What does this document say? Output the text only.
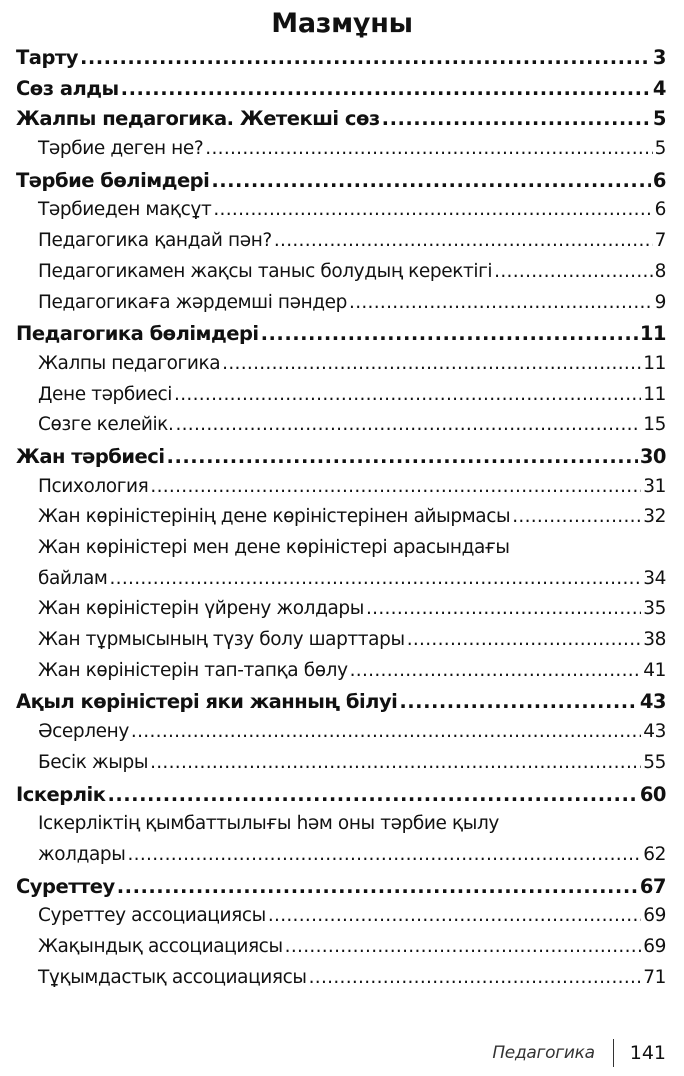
Мазмұны
Тарту .....	3
Сөз алды .....	4
Жалпы педагогика. Жетекші сөз .....	5
Тәрбие деген не? .....	5
Тәрбие бөлімдері .....	6
Тәрбиеден мақсұт .....	6
Педагогика қандай пән? .....	7
Педагогикамен жақсы таныс болудың керектігі .....	8
Педагогикаға жәрдемші пәндер .....	9
Педагогика бөлімдері .....	11
Жалпы педагогика .....	11
Дене тәрбиесі .....	11
Сөзге келейік. .....	15
Жан тәрбиесі .....	30
Психология .....	31
Жан көріністерінің дене көріністерінен айырмасы .....	32
Жан көріністері мен дене көріністері арасындағы
байлам .....	34
Жан көріністерін үйрену жолдары .....	35
Жан тұрмысының түзу болу шарттары .....	38
Жан көріністерін тап-тапқа бөлу .....	41
Ақыл көріністері яки жанның білуі .....	43
Әсерлену .....	43
Бесік жыры .....	55
Іскерлік .....	60
Іскерліктің қымбаттылығы һәм оны тәрбие қылу
жолдары .....	62
Суреттеу .....	67
Суреттеу ассоциациясы .....	69
Жақындық ассоциациясы .....	69
Тұқымдастық ассоциациясы .....	71
Педагогика 141
